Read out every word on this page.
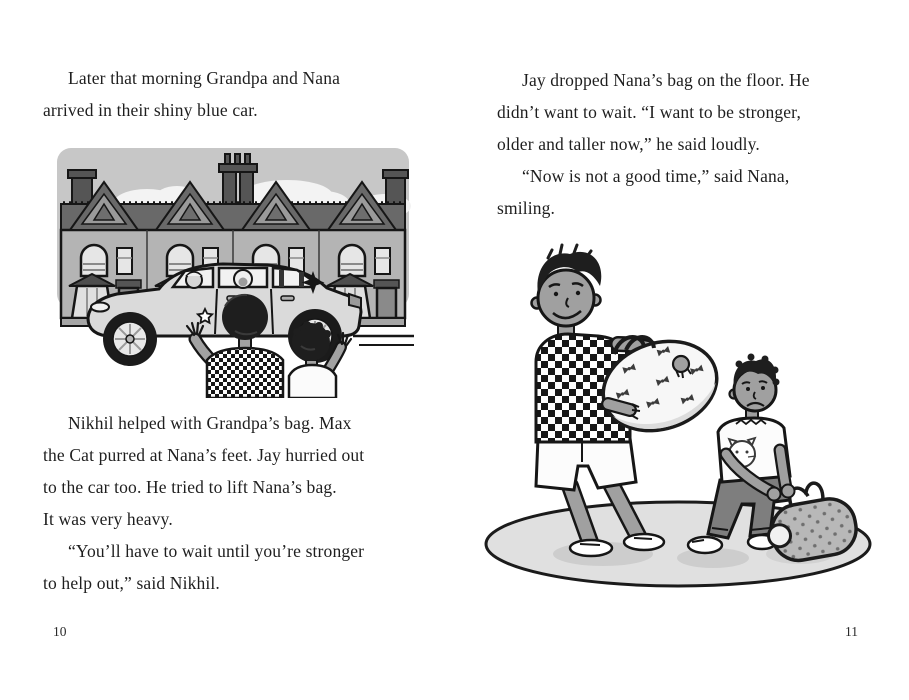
Later that morning Grandpa and Nana
arrived in their shiny blue car.
Nikhil helped with Grandpa’s bag. Max
the Cat purred at Nana’s feet. Jay hurried out
to the car too. He tried to lift Nana’s bag.
It was very heavy.
“You’ll have to wait until you’re stronger
to help out,” said Nikhil.
10
Jay dropped Nana’s bag on the floor. He
didn’t want to wait. “I want to be stronger,
older and taller now,” he said loudly.
“Now is not a good time,” said Nana,
smiling.
11
